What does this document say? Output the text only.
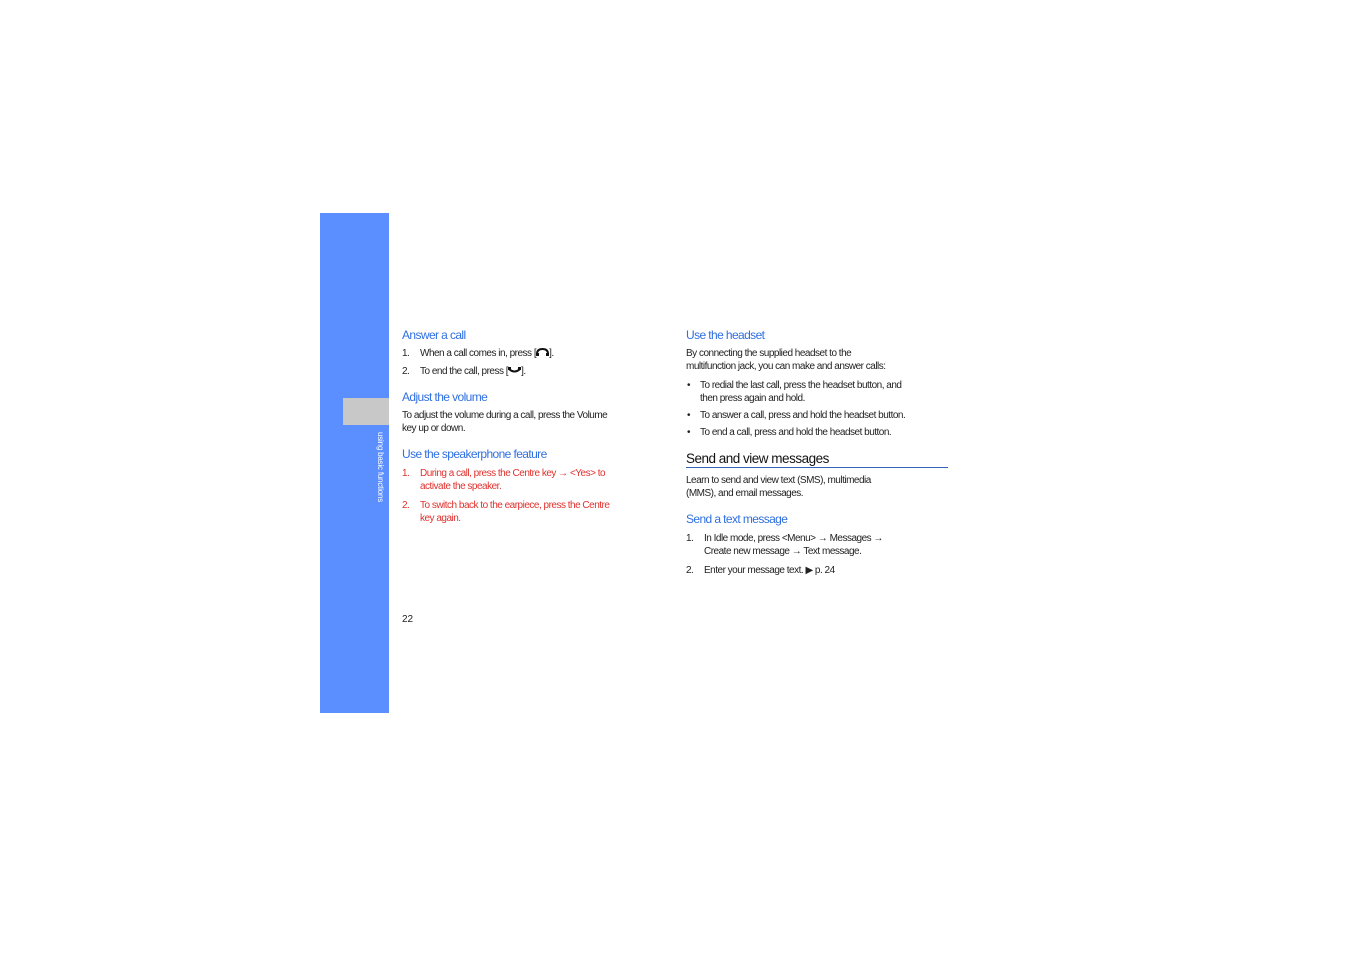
using basic functions
Answer a call
1. When a call comes in, press [ ].
2. To end the call, press [ ].
Adjust the volume

To adjust the volume during a call, press the Volume

key up or down.

Use the speakerphone feature
1. During a call, press the Centre key → <Yes> to
activate the speaker.
2. To switch back to the earpiece, press the Centre
key again.
Use the headset

By connecting the supplied headset to the

multifunction jack, you can make and answer calls:

• To redial the last call, press the headset button, and
then press again and hold.
• To answer a call, press and hold the headset button.
• To end a call, press and hold the headset button.
Send and view messages

Learn to send and view text (SMS), multimedia

(MMS), and email messages.

Send a text message
1. In Idle mode, press <Menu> → Messages →
Create new message → Text message.
2. Enter your message text. ▶ p. 24
22
